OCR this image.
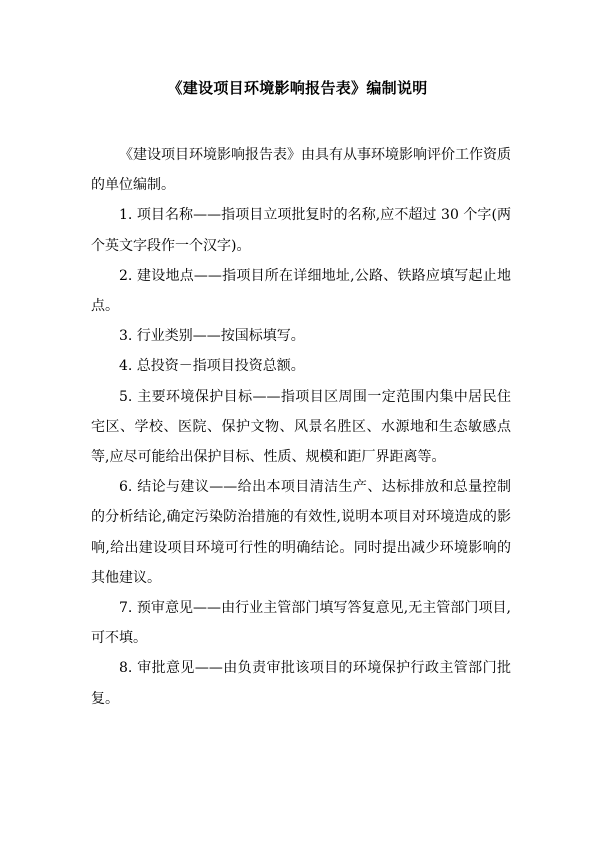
《建设项目环境影响报告表》编制说明

《建设项目环境影响报告表》由具有从事环境影响评价工作资质的单位编制。

1. 项目名称——指项目立项批复时的名称,应不超过 30 个字(两个英文字段作一个汉字)。

2. 建设地点——指项目所在详细地址,公路、铁路应填写起止地点。

3. 行业类别——按国标填写。

4. 总投资－指项目投资总额。

5. 主要环境保护目标——指项目区周围一定范围内集中居民住宅区、学校、医院、保护文物、风景名胜区、水源地和生态敏感点等,应尽可能给出保护目标、性质、规模和距厂界距离等。

6. 结论与建议——给出本项目清洁生产、达标排放和总量控制的分析结论,确定污染防治措施的有效性,说明本项目对环境造成的影响,给出建设项目环境可行性的明确结论。同时提出减少环境影响的其他建议。

7. 预审意见——由行业主管部门填写答复意见,无主管部门项目,可不填。

8. 审批意见——由负责审批该项目的环境保护行政主管部门批复。
